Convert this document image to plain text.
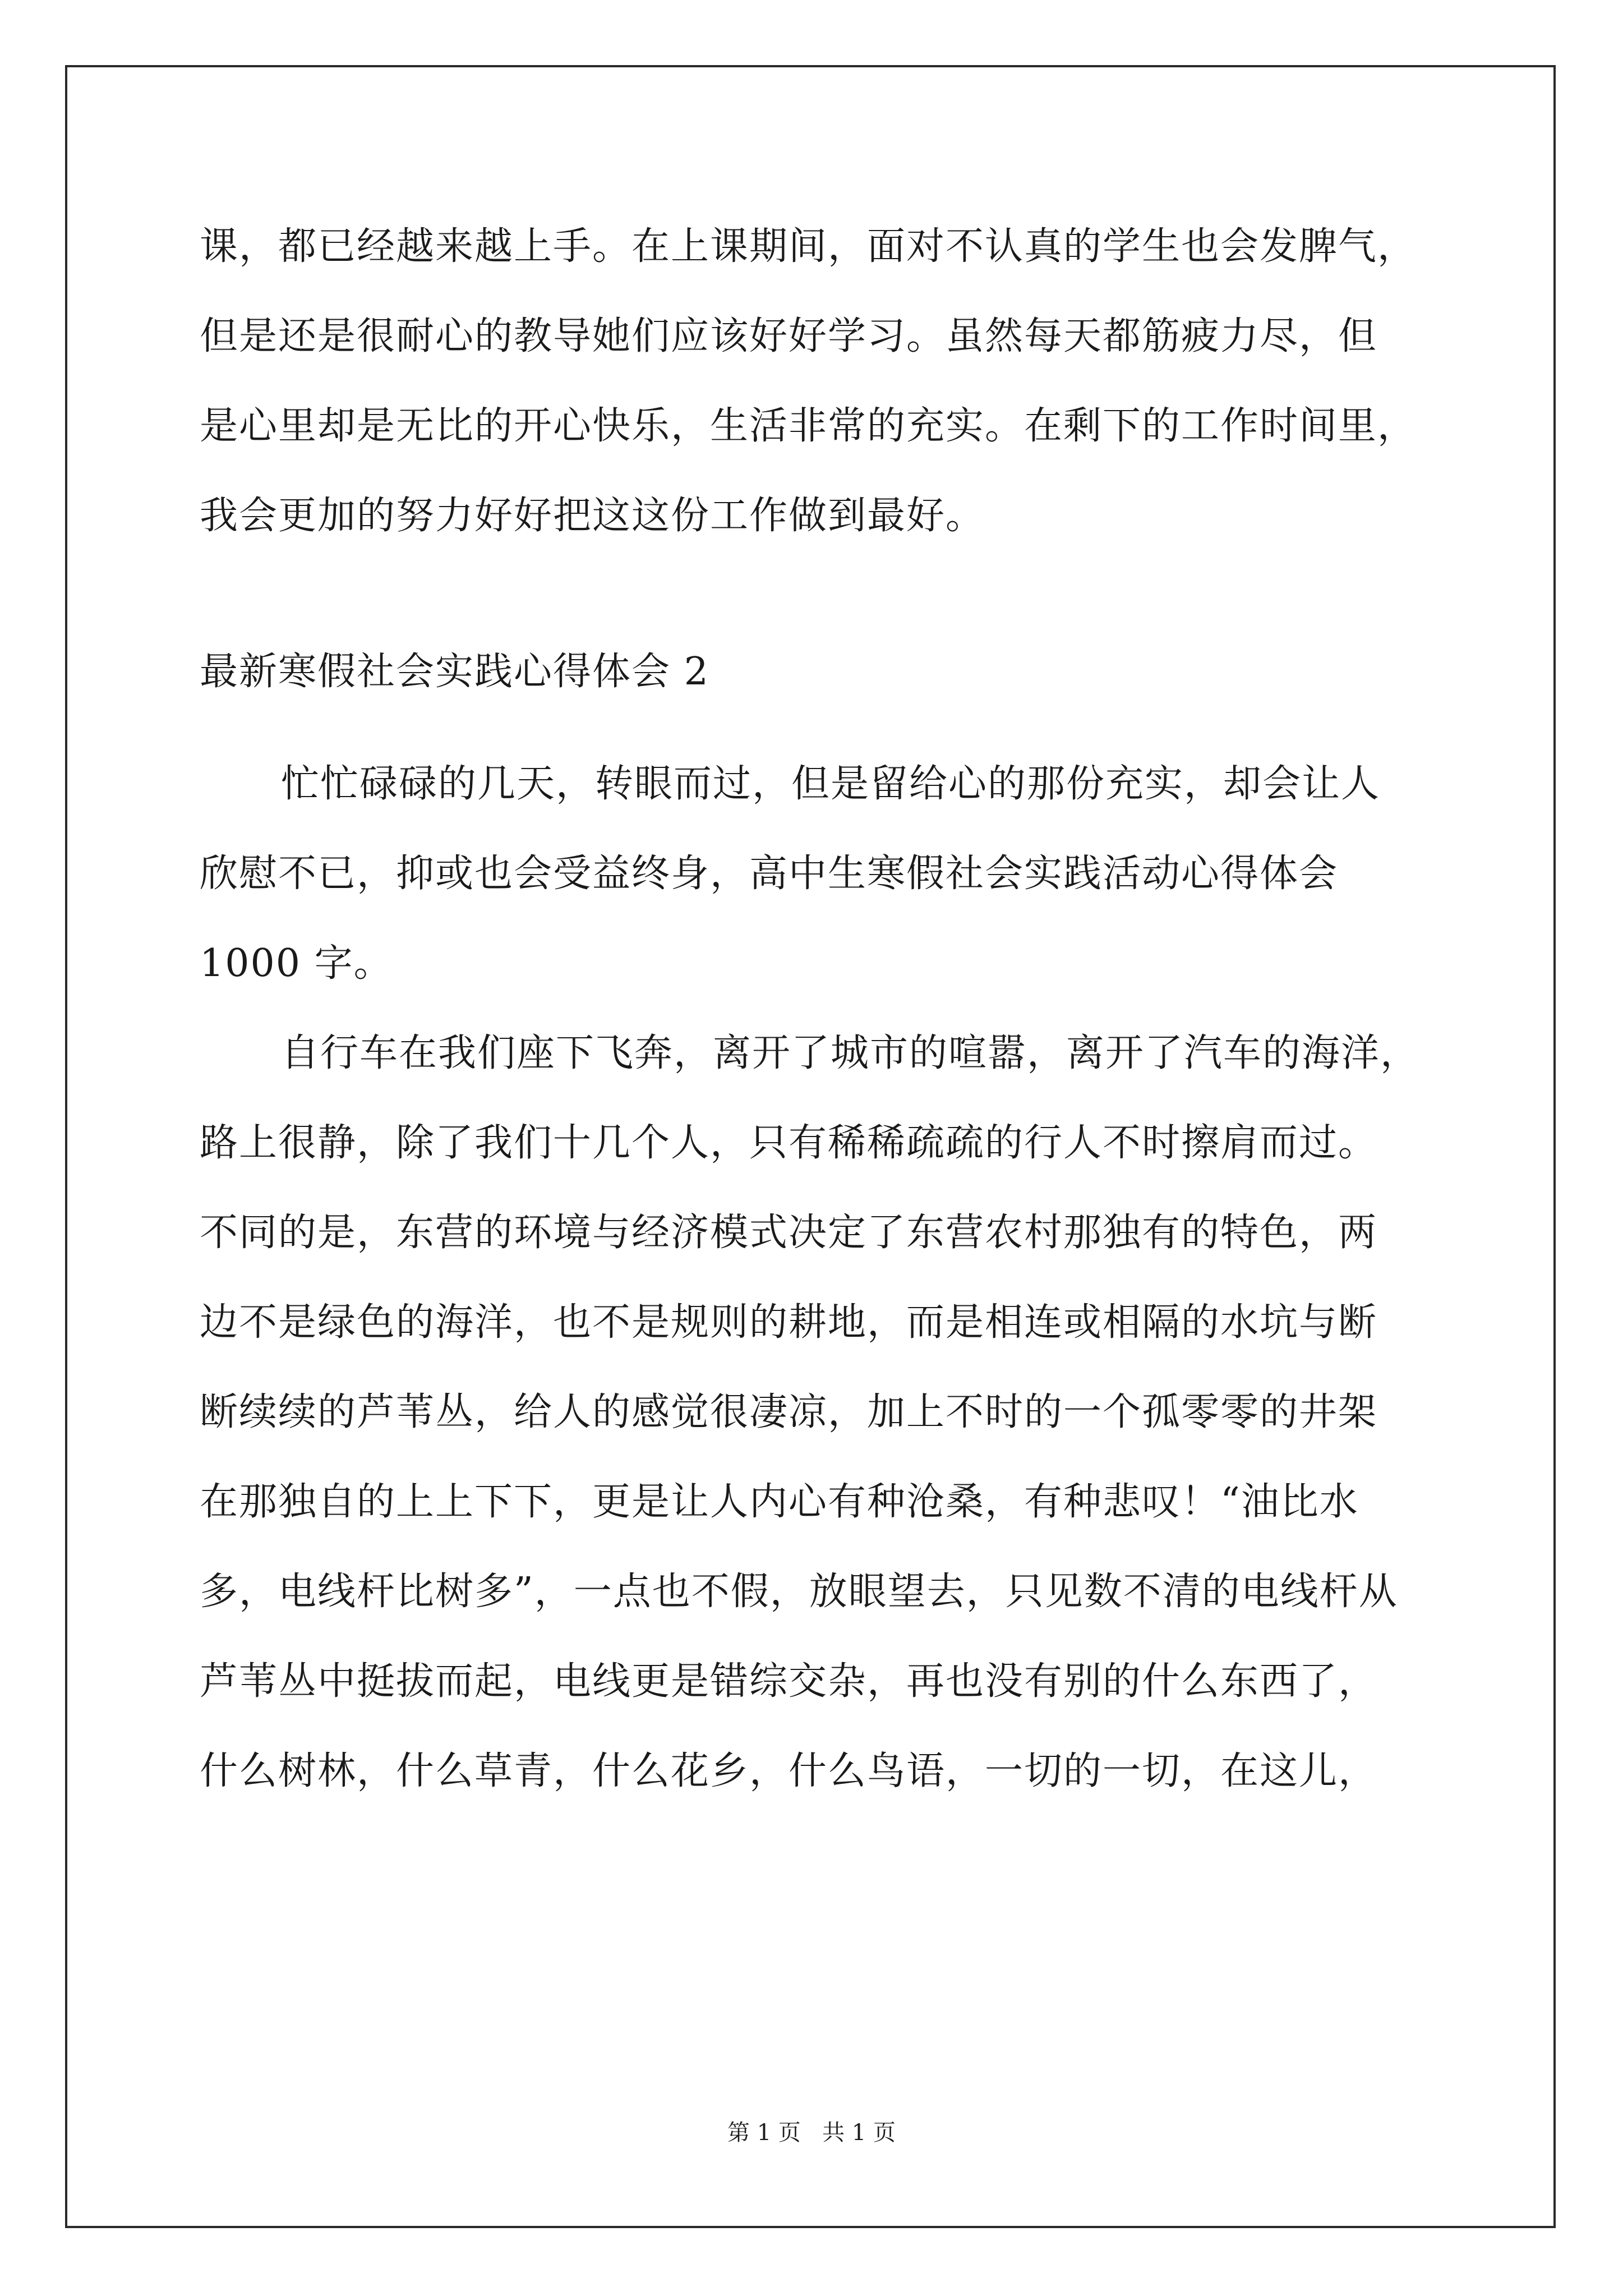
课，都已经越来越上手。在上课期间，面对不认真的学生也会发脾气，
但是还是很耐心的教导她们应该好好学习。虽然每天都筋疲力尽，但
是心里却是无比的开心快乐，生活非常的充实。在剩下的工作时间里，
我会更加的努力好好把这这份工作做到最好。
最新寒假社会实践心得体会 2
忙忙碌碌的几天，转眼而过，但是留给心的那份充实，却会让人
欣慰不已，抑或也会受益终身，高中生寒假社会实践活动心得体会
1000 字。
自行车在我们座下飞奔，离开了城市的喧嚣，离开了汽车的海洋，
路上很静，除了我们十几个人，只有稀稀疏疏的行人不时擦肩而过。
不同的是，东营的环境与经济模式决定了东营农村那独有的特色，两
边不是绿色的海洋，也不是规则的耕地，而是相连或相隔的水坑与断
断续续的芦苇丛，给人的感觉很凄凉，加上不时的一个孤零零的井架
在那独自的上上下下，更是让人内心有种沧桑，有种悲叹！“油比水
多，电线杆比树多”，一点也不假，放眼望去，只见数不清的电线杆从
芦苇丛中挺拔而起，电线更是错综交杂，再也没有别的什么东西了，
什么树林，什么草青，什么花乡，什么鸟语，一切的一切，在这儿，
第 1 页   共 1 页
